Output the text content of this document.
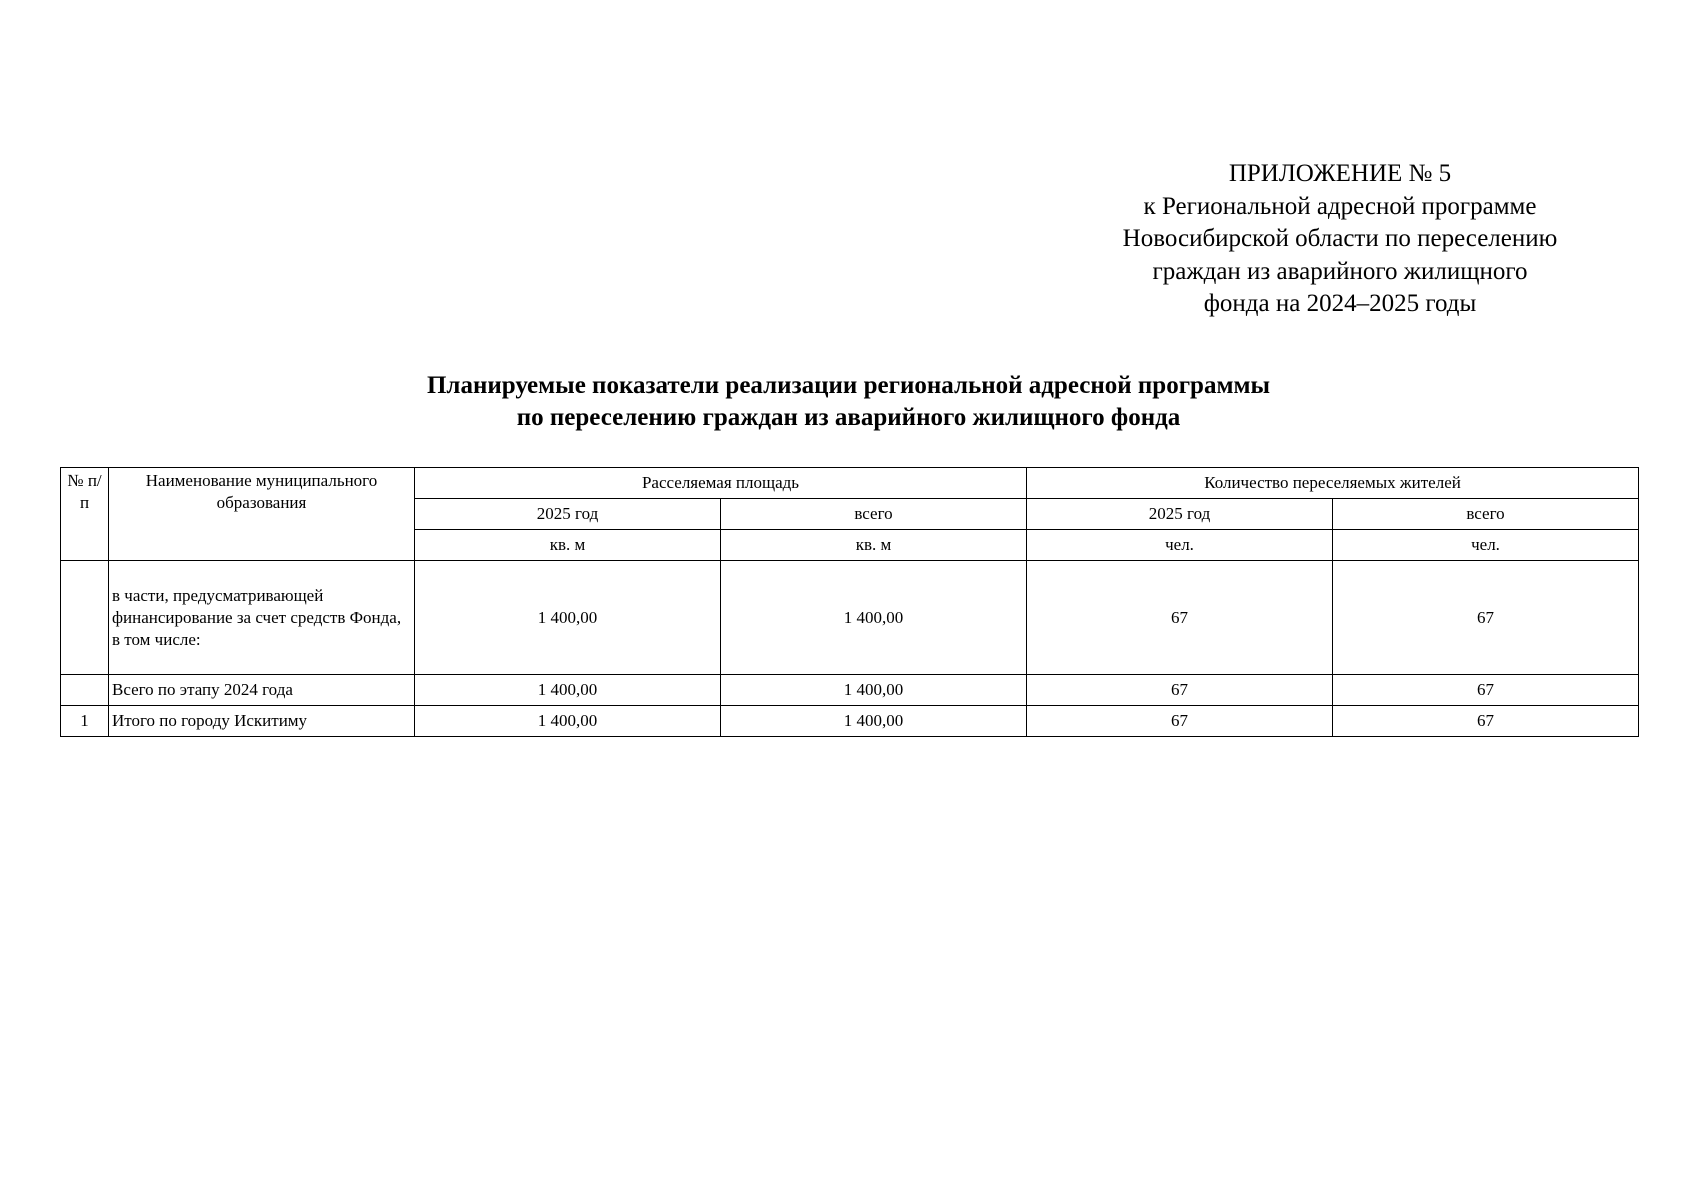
ПРИЛОЖЕНИЕ № 5
к Региональной адресной программе
Новосибирской области по переселению
граждан из аварийного жилищного
фонда на 2024–2025 годы
Планируемые показатели реализации региональной адресной программы
по переселению граждан из аварийного жилищного фонда
№ п/п	Наименование муниципального образования	Расселяемая площадь		Количество переселяемых жителей	
		2025 год	всего	2025 год	всего
		кв. м	кв. м	чел.	чел.
	в части, предусматривающей финансирование за счет средств Фонда, в том числе:	1 400,00	1 400,00	67	67
	Всего по этапу 2024 года	1 400,00	1 400,00	67	67
1	Итого по городу Искитиму	1 400,00	1 400,00	67	67
